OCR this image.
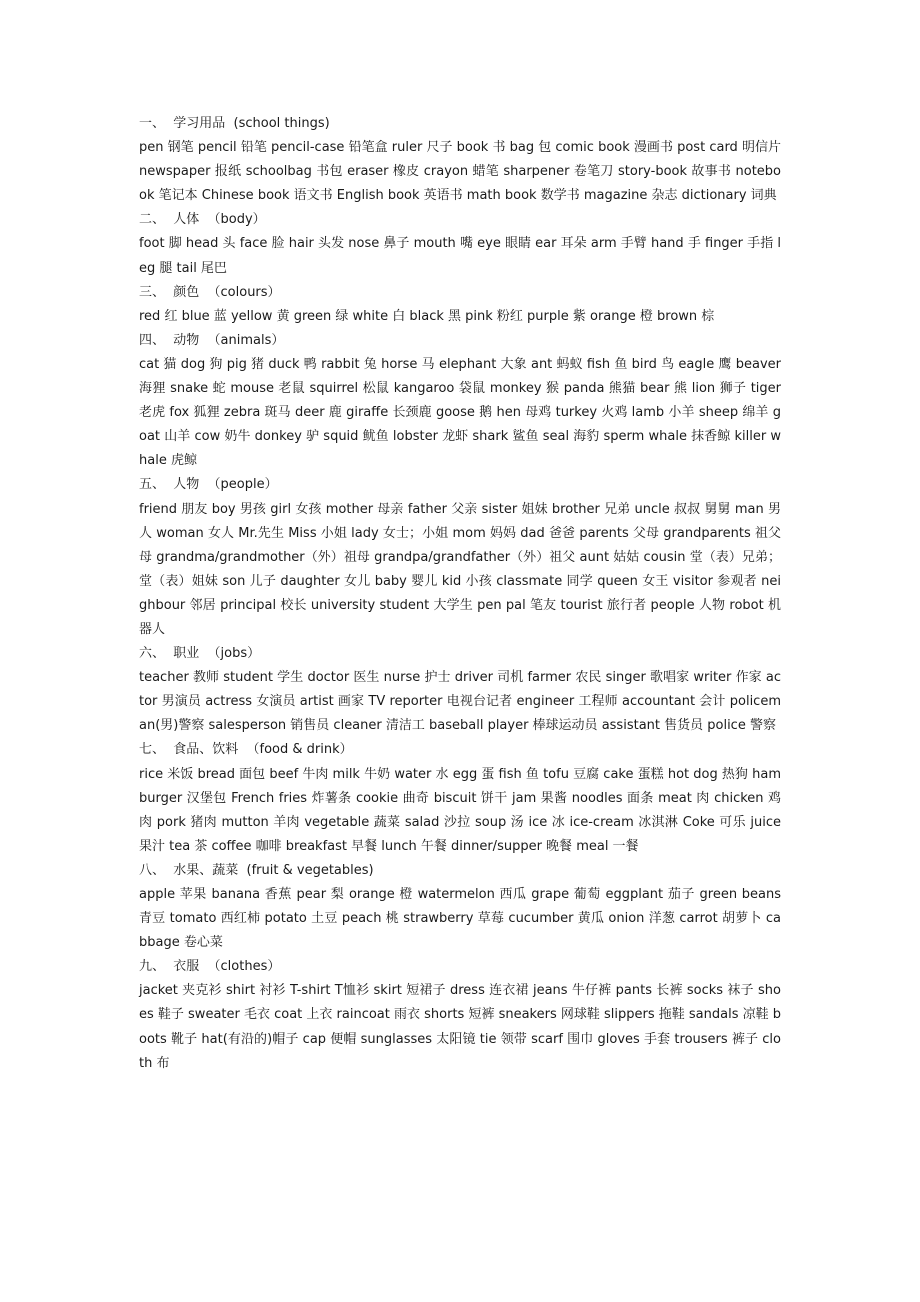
一、  学习用品  (school things)
pen 钢笔 pencil 铅笔 pencil-case 铅笔盒 ruler 尺子 book 书 bag 包 comic book 漫画书 post card 明信片 newspaper 报纸 schoolbag 书包 eraser 橡皮 crayon 蜡笔 sharpener 卷笔刀 story-book 故事书 notebook 笔记本 Chinese book 语文书 English book 英语书 math book 数学书 magazine 杂志 dictionary 词典
二、  人体  （body）
foot 脚 head 头 face 脸 hair 头发 nose 鼻子 mouth 嘴 eye 眼睛 ear 耳朵 arm 手臂 hand 手 finger 手指 leg 腿 tail 尾巴
三、  颜色  （colours）
red 红 blue 蓝 yellow 黄 green 绿 white 白 black 黑 pink 粉红 purple 紫 orange 橙 brown 棕
四、  动物  （animals）
cat 猫 dog 狗 pig 猪 duck 鸭 rabbit 兔 horse 马 elephant 大象 ant 蚂蚁 fish 鱼 bird 鸟 eagle 鹰 beaver 海狸 snake 蛇 mouse 老鼠 squirrel 松鼠 kangaroo 袋鼠 monkey 猴 panda 熊猫 bear 熊 lion 狮子 tiger 老虎 fox 狐狸 zebra 斑马 deer 鹿 giraffe 长颈鹿 goose 鹅 hen 母鸡 turkey 火鸡 lamb 小羊 sheep 绵羊 goat 山羊 cow 奶牛 donkey 驴 squid 鱿鱼 lobster 龙虾 shark 鲨鱼 seal 海豹 sperm whale 抹香鲸 killer whale 虎鲸
五、  人物  （people）
friend 朋友 boy 男孩 girl 女孩 mother 母亲 father 父亲 sister 姐妹 brother 兄弟 uncle 叔叔 舅舅 man 男人 woman 女人 Mr.先生 Miss 小姐 lady 女士；小姐 mom 妈妈 dad 爸爸 parents 父母 grandparents 祖父母 grandma/grandmother（外）祖母 grandpa/grandfather（外）祖父 aunt 姑姑 cousin 堂（表）兄弟；堂（表）姐妹 son 儿子 daughter 女儿 baby 婴儿 kid 小孩 classmate 同学 queen 女王 visitor 参观者 neighbour 邻居 principal 校长 university student 大学生 pen pal 笔友 tourist 旅行者 people 人物 robot 机器人
六、  职业  （jobs）
teacher 教师 student 学生 doctor 医生 nurse 护士 driver 司机 farmer 农民 singer 歌唱家 writer 作家 actor 男演员 actress 女演员 artist 画家 TV reporter 电视台记者 engineer 工程师 accountant 会计 policeman(男)警察 salesperson 销售员 cleaner 清洁工 baseball player 棒球运动员 assistant 售货员 police 警察
七、  食品、饮料  （food & drink）
rice 米饭 bread 面包 beef 牛肉 milk 牛奶 water 水 egg 蛋 fish 鱼 tofu 豆腐 cake 蛋糕 hot dog 热狗 hamburger 汉堡包 French fries 炸薯条 cookie 曲奇 biscuit 饼干 jam 果酱 noodles 面条 meat 肉 chicken 鸡肉 pork 猪肉 mutton 羊肉 vegetable 蔬菜 salad 沙拉 soup 汤 ice 冰 ice-cream 冰淇淋 Coke 可乐 juice 果汁 tea 茶 coffee 咖啡 breakfast 早餐 lunch 午餐 dinner/supper 晚餐 meal 一餐
八、  水果、蔬菜  (fruit & vegetables)
apple 苹果 banana 香蕉 pear 梨 orange 橙 watermelon 西瓜 grape 葡萄 eggplant 茄子 green beans 青豆 tomato 西红柿 potato 土豆 peach 桃 strawberry 草莓 cucumber 黄瓜 onion 洋葱 carrot 胡萝卜 cabbage 卷心菜
九、  衣服  （clothes）
jacket 夹克衫 shirt 衬衫 T-shirt T恤衫 skirt 短裙子 dress 连衣裙 jeans 牛仔裤 pants 长裤 socks 袜子 shoes 鞋子 sweater 毛衣 coat 上衣 raincoat 雨衣 shorts 短裤 sneakers 网球鞋 slippers 拖鞋 sandals 凉鞋 boots 靴子 hat(有沿的)帽子 cap 便帽 sunglasses 太阳镜 tie 领带 scarf 围巾 gloves 手套 trousers 裤子 cloth 布
